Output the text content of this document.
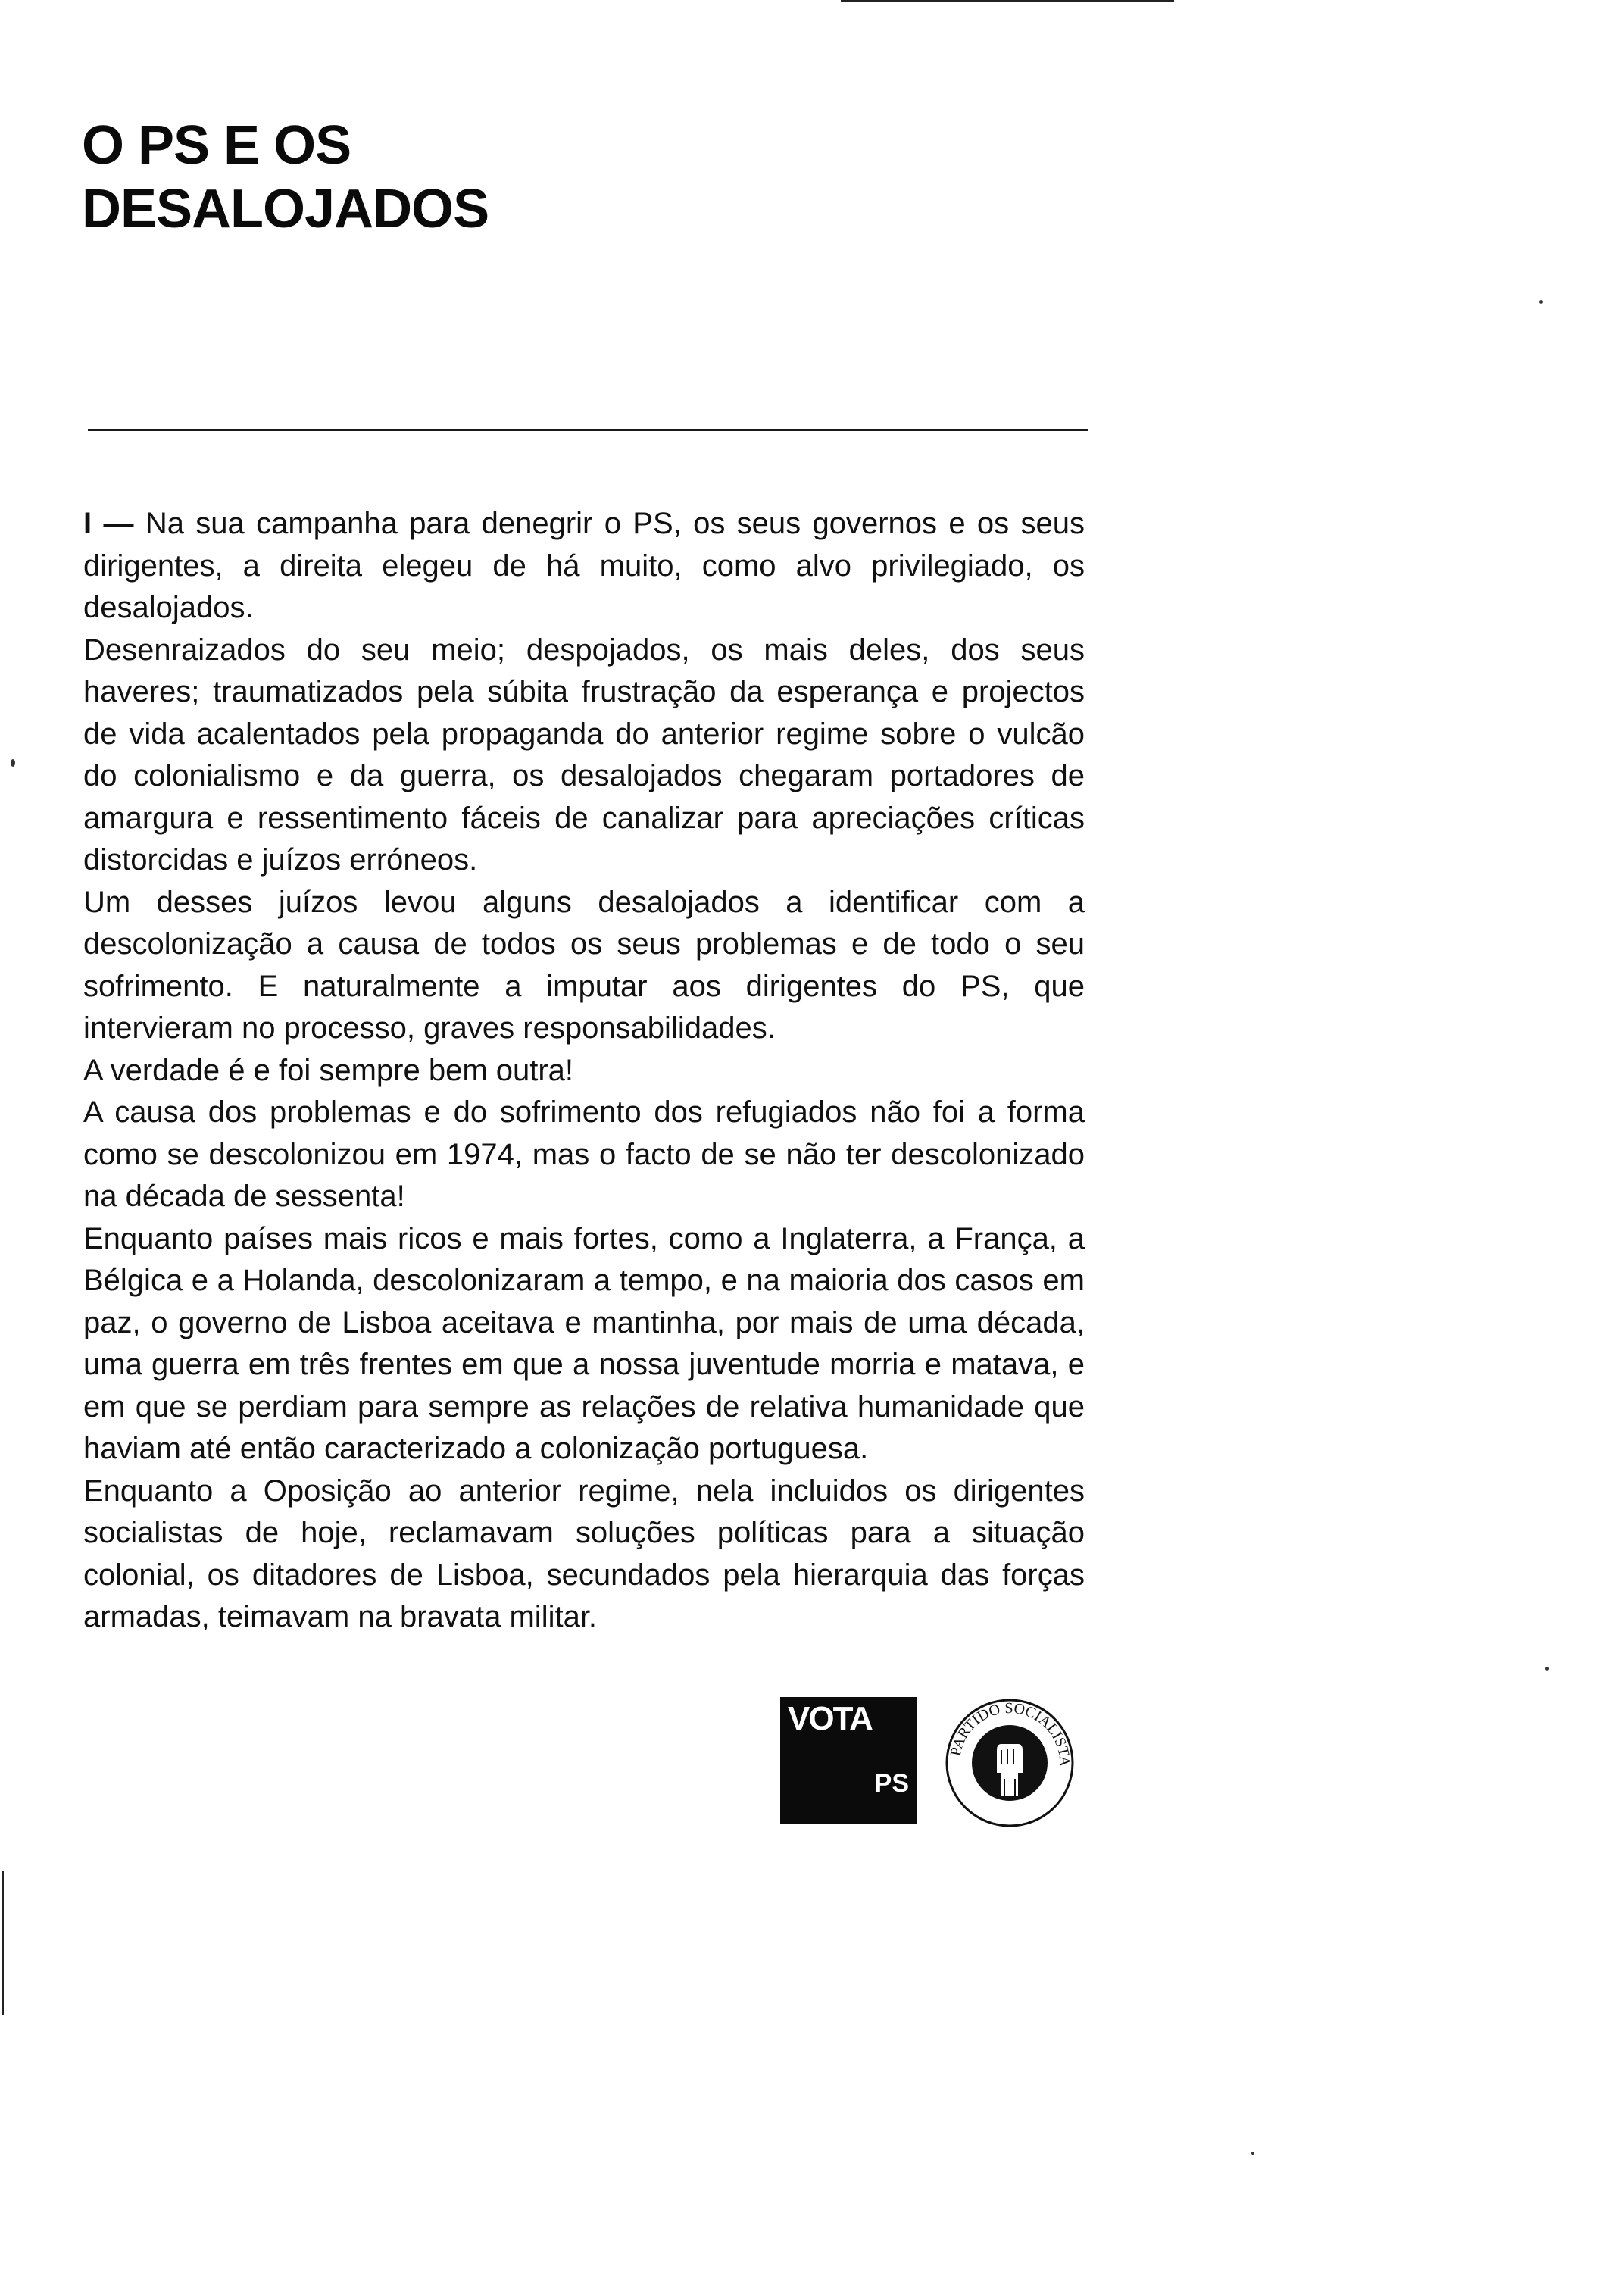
O PS E OS
DESALOJADOS

I — Na sua campanha para denegrir o PS, os seus governos e os seus dirigentes, a direita elegeu de há muito, como alvo privilegiado, os desalojados.

Desenraizados do seu meio; despojados, os mais deles, dos seus haveres; traumatizados pela súbita frustração da esperança e projectos de vida acalentados pela propaganda do anterior regime sobre o vulcão do colonialismo e da guerra, os desalojados chegaram portadores de amargura e ressentimento fáceis de canalizar para apreciações críticas distorcidas e juízos erróneos.

Um desses juízos levou alguns desalojados a identificar com a descolonização a causa de todos os seus problemas e de todo o seu sofrimento. E naturalmente a imputar aos dirigentes do PS, que intervieram no processo, graves responsabilidades.

A verdade é e foi sempre bem outra!

A causa dos problemas e do sofrimento dos refugiados não foi a forma como se descolonizou em 1974, mas o facto de se não ter descolonizado na década de sessenta!

Enquanto países mais ricos e mais fortes, como a Inglaterra, a França, a Bélgica e a Holanda, descolonizaram a tempo, e na maioria dos casos em paz, o governo de Lisboa aceitava e mantinha, por mais de uma década, uma guerra em três frentes em que a nossa juventude morria e matava, e em que se perdiam para sempre as relações de relativa humanidade que haviam até então caracterizado a colonização portuguesa.

Enquanto a Oposição ao anterior regime, nela incluidos os dirigentes socialistas de hoje, reclamavam soluções políticas para a situação colonial, os ditadores de Lisboa, secundados pela hierarquia das forças armadas, teimavam na bravata militar.

VOTA
PS
PARTIDO SOCIALISTA
